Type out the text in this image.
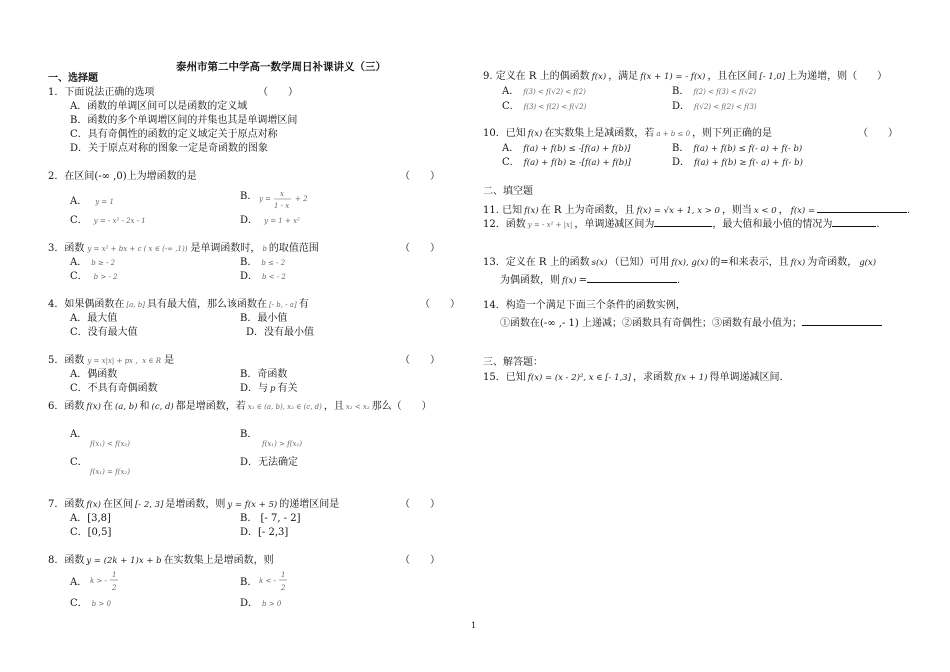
泰州市第二中学高一数学周日补课讲义（三）
一、选择题
1．下面说法正确的选项	（　　）
A．函数的单调区间可以是函数的定义域
B．函数的多个单调增区间的并集也其是单调增区间
C．具有奇偶性的函数的定义域定关于原点对称
D．关于原点对称的图象一定是奇函数的图象
2．在区间(-∞ ,0)上为增函数的是	（　　）
A． y = 1	B． y =
x
1 - x
+ 2
C． y = - x² - 2x - 1	D． y = 1 + x²
3．函数 y = x² + bx + c ( x ∈ (-∞ ,1)) 是单调函数时， b 的取值范围	（　　）
A． b ≥ - 2	B． b ≤ - 2
C． b > - 2	D． b < - 2
4．如果偶函数在 [a, b] 具有最大值，那么该函数在 [- b, - a] 有	（　　）
A．最大值	B．最小值
C．没有最大值	D．没有最小值
5．函数 y = x|x| + px ，x ∈ R 是	（　　）
A．偶函数	B．奇函数
C．不具有奇偶函数	D．与 p 有关
6．函数 f(x) 在 (a, b) 和 (c, d) 都是增函数，若 x₁ ∈ (a, b), x₂ ∈ (c, d) ，且 x₁ < x₂ 那么（　　）
A．
f(x₁) < f(x₂)
B．
f(x₁) > f(x₂)
C．
f(x₁) = f(x₂)
D．无法确定
7．函数 f(x) 在区间 [- 2, 3] 是增函数，则 y = f(x + 5) 的递增区间是	（　　）
A．[3,8]	B． [- 7, - 2]
C．[0,5]	D．[- 2,3]
8．函数 y = (2k + 1)x + b 在实数集上是增函数，则	（　　）
A． k > -
1
2	B． k < -
1
2
C． b > 0	D． b > 0
9. 定义在 R 上的偶函数 f(x) ，满足 f(x + 1) = - f(x) ，且在区间 [- 1,0] 上为递增，则（　　）
A． f(3) < f(√2) < f(2)	B． f(2) < f(3) < f(√2)
C． f(3) < f(2) < f(√2)	D． f(√2) < f(2) < f(3)
10．已知 f(x) 在实数集上是减函数，若 a + b ≤ 0 ，则下列正确的是	（　　）
A． f(a) + f(b) ≤ -[f(a) + f(b)]	B． f(a) + f(b) ≤ f(- a) + f(- b)
C． f(a) + f(b) ≥ -[f(a) + f(b)]	D． f(a) + f(b) ≥ f(- a) + f(- b)
二、填空题
11. 已知 f(x) 在 R 上为奇函数，且 f(x) = √x + 1, x > 0 ，则当 x < 0 ， f(x) =	.
12．函数 y = - x² + |x| ，单调递减区间为	，最大值和最小值的情况为	.
13．定义在 R 上的函数 s(x) （已知）可用 f(x), g(x) 的=和来表示，且 f(x) 为奇函数， g(x)
为偶函数，则 f(x) =	.
14．构造一个满足下面三个条件的函数实例，
①函数在(-∞ ,- 1) 上递减；②函数具有奇偶性；③函数有最小值为；
三、解答题：
15．已知 f(x) = (x - 2)², x ∈ [- 1,3] ，求函数 f(x + 1) 得单调递减区间.
1
